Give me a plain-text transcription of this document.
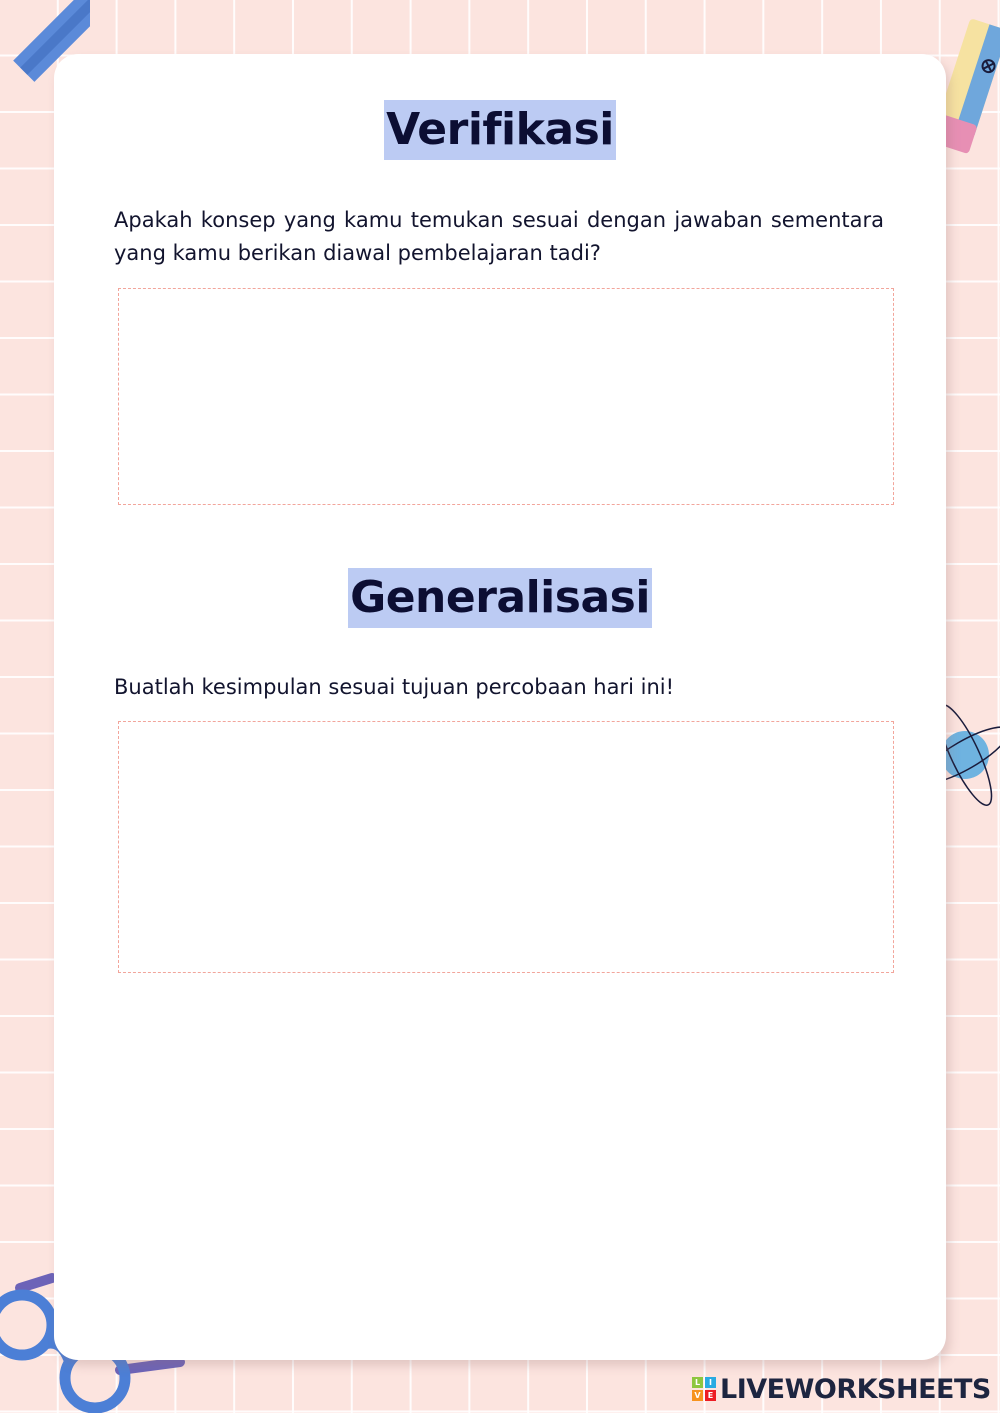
Verifikasi

Apakah konsep yang kamu temukan sesuai dengan jawaban sementara yang kamu berikan diawal pembelajaran tadi?

Generalisasi

Buatlah kesimpulan sesuai tujuan percobaan hari ini!

L	I
V E LIVEWORKSHEETS
